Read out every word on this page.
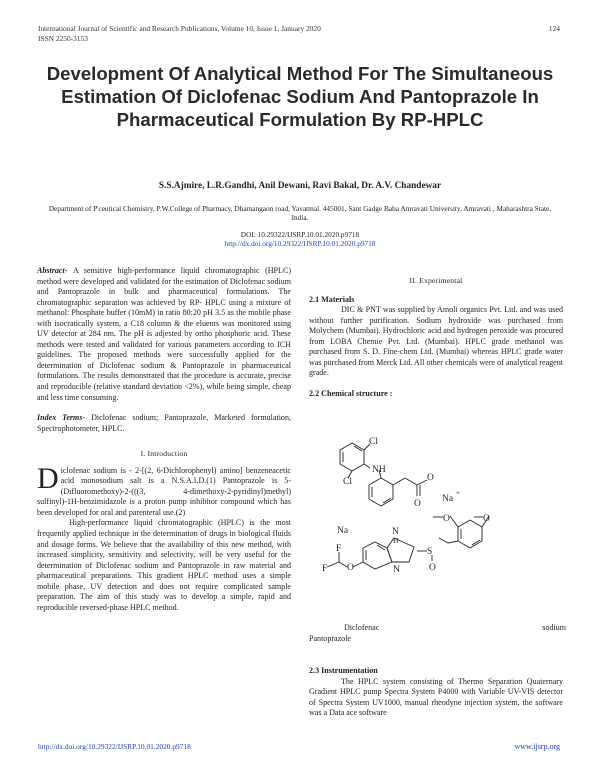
International Journal of Scientific and Research Publications, Volume 10, Issue 1, January 2020	124
ISSN 2250-3153
Development Of Analytical Method For The Simultaneous Estimation Of Diclofenac Sodium And Pantoprazole In Pharmaceutical Formulation By RP-HPLC
S.S.Ajmire, L.R.Gandhi, Anil Dewani, Ravi Bakal, Dr. A.V. Chandewar
Department of P'ceutical Chemistry, P.W.College of Pharmacy, Dhamangaon road, Yavatmal. 445001, Sant Gadge Baba Amravati University, Amravati , Maharashtra State, India.
DOI: 10.29322/IJSRP.10.01.2020.p9718
http://dx.doi.org/10.29322/IJSRP.10.01.2020.p9718

Abstract- A sensitive high-performance liquid chromatographic (HPLC) method were developed and validated for the estimation of Diclofenac sodium and Pantoprazole in bulk and pharmaceutical formulations. The chromatographic separation was achieved by RP- HPLC using a mixture of methanol: Phosphate buffer (10mM) in ratio 80:20 pH 3.5 as the mobile phase with isocratically system, a C18 column & the eluents was monitored using UV detector at 284 nm. The pH is adjested by ortho phosphoric acid. These methods were tested and validated for various parameters according to ICH guidelines. The proposed methods were successfully applied for the determination of Diclofenac sodium & Pantoprazole in pharmaceutical formulations. The results demonstrated that the procedure is accurate, precise and reproducible (relative standard deviation <2%), while being simple, cheap and less time consuming.

Index Terms- Diclofenac sodium; Pantoprazole, Marketed formulation, Spectrophotometer, HPLC.

I. Introduction

Diclofenac sodium is - 2-[(2, 6-Dichlorophenyl) amino] benzeneacetic acid monosodium salt is a N.S.A.I.D.(1) Pantoprazole is 5-(Difluoromethoxy)-2-(((3, 4-dimethoxy-2-pyridinyl)methyl) sulfinyl)-1H-benzimidazole is a proton pump inhibitor compound which has been developed for oral and parenteral use.(2)

High-performance liquid chromatographic (HPLC) is the most frequently applied technique in the determination of drugs in biological fluids and dosage forms. We believe that the availability of this new method, with increased simplicity, sensitivity and selectivity, will be very useful for the determination of Diclofenac sodium and Pantoprazole in raw material and pharmaceutical preparations. This gradient HPLC method uses a simple mobile phase, UV detection and does not require complicated sample preparation. The aim of this study was to develop a simple, rapid and reproducible reversed-phase HPLC method.

II. Experimental

2.1 Materials

DIC & PNT was supplied by Amoli organics Pvt. Ltd. and was used without further purification. Sodium hydroxide was purchased from Molychem (Mumbai). Hydrochloric acid and hydrogen peroxide was procured from LOBA Chemie Pvt. Ltd. (Mumbai). HPLC grade methanol was purchased from S. D. Fine-chem Ltd. (Mumbai) whereas HPLC grade water was purchased from Merck Ltd. All other chemicals were of analytical reagent grade.

2.2 Chemical structure :

Cl
NH
Cl
O
O
Na
+
O	O
Na	N
H
N
S
O
F
F
O
Diclofenac	sodium
Pantoprazole

2.3 Instrumentation

The HPLC system consisting of Thermo Separation Quaternary Gradient HPLC pump Spectra System P4000 with Variable UV-VIS detector of Spectra System UV1000, manual rheodyne injection system, the software was a Data ace software

http://dx.doi.org/10.29322/IJSRP.10.01.2020.p9718	www.ijsrp.org
